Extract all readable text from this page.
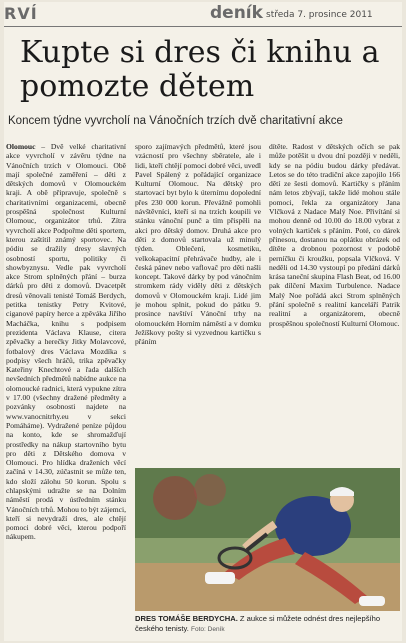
RVÍ	deník středa 7. prosince 2011
Kupte si dres či knihu a pomozte dětem

Koncem týdne vyvrcholí na Vánočních trzích dvě charitativní akce

Olomouc – Dvě velké charitativní akce vyvrcholí v závěru týdne na Vánočních trzích v Olomouci. Obě mají společné zaměření – děti z dětských domovů v Olomouckém kraji. A obě připravuje, společně s charitativními organizacemi, obecně prospěšná společnost Kulturní Olomouc, organizátor trhů. Zítra vyvrcholí akce Podpořme děti sportem, kterou zaštítil známý sportovec. Na pódiu se dražily dresy slavných osobností sportu, politiky či showbyznysu. Vedle pak vyvrcholí akce Strom splněných přání – burza dárků pro děti z domovů. Dvacetpět dresů věnovali tenisté Tomáš Berdych, petitka tenistky Petry Kvitové, ciganové papíry herce a zpěváka Jiřího Macháčka, knihu s podpisem prezidenta Václava Klause, citera zpěvačky a herečky Jitky Molavcové, fotbalový dres Václava Mozdíka s podpisy všech hráčů, trika zpěvačky Kateřiny Knechtové a řada dalších nevšedních předmětů nabídne aukce na olomoucké radnici, která vypukne zítra v 17.00 (všechny dražené předměty a pozvánky osobnosti najdete na www.vanocnitrhy.eu v sekci Pomáháme). Vydražené peníze půjdou na konto, kde se shromažďují prostředky na nákup startovního bytu pro děti z Dětského domova v Olomouci. Pro hlídka draženích věcí začíná v 14.30, zúčastnit se může ten, kdo složí zálohu 50 korun. Spolu s chlapskými udražte se na Dolním náměstí prodá v ústředním stánku Vánočních trhů. Mohou to být zájemci, kteří si nevydraží dres, ale chtějí pomoci dobré věci, kterou podpoří nákupem.
sporo zajímavých předmětů, které jsou vzácností pro všechny sběratele, ale i lidi, kteří chtějí pomoci dobré věci, uvedl Pavel Spálený z pořádající organizace Kulturní Olomouc. Na dětský pro startovací byt bylo k úternímu dopolední přes 230 000 korun. Převážně pomohli návštěvníci, kteří si na trzích koupili ve stánku vánoční punč a tím přispěli na akci pro dětský domov. Druhá akce pro děti z domovů startovala už minulý týden. Oblečení, kosmetiku, velkokapacitní přehrávače hudby, ale i česká pánev nebo vaflovač pro děti našli koncept. Takové dárky by pod vánočním stromkem rády viděly děti z dětských domovů v Olomouckém kraji. Lidé jim je mohou splnit, pokud do pátku 9. prosince navštíví Vánoční trhy na olomouckém Horním náměstí a v domku Ježíškovy pošty si vyzvednou kartičku s přáním
dítěte. Radost v dětských očích se pak může potěšit u dvou dní později v neděli, kdy se na pódiu budou dárky předávat. Letos se do této tradiční akce zapojilo 166 dětí ze šesti domovů. Kartičky s přáním nám letos zbývají, takže lidé mohou stále pomoci, řekla za organizátory Jana Vlčková z Nadace Malý Noe. Přivítání si mohou denně od 10.00 do 18.00 vybrat z volných kartiček s přáním. Poté, co dárek přinesou, dostanou na oplátku obrázek od dítěte a drobnou pozornost v podobě perníčku či kroužku, popsala Vlčková. V neděli od 14.30 vystoupí po předání dárků krása taneční skupina Flash Beat, od 16.00 pak dílčení Maxim Turbulence. Nadace Malý Noe pořádá akci Strom splněných přání společně s realitní kanceláří Patrik realitní a organizátorem, obecně prospěšnou společností Kulturní Olomouc.
DRES TOMÁŠE BERDYCHA. Z aukce si můžete odnést dres nejlepšího českého tenisty. Foto: Deník
